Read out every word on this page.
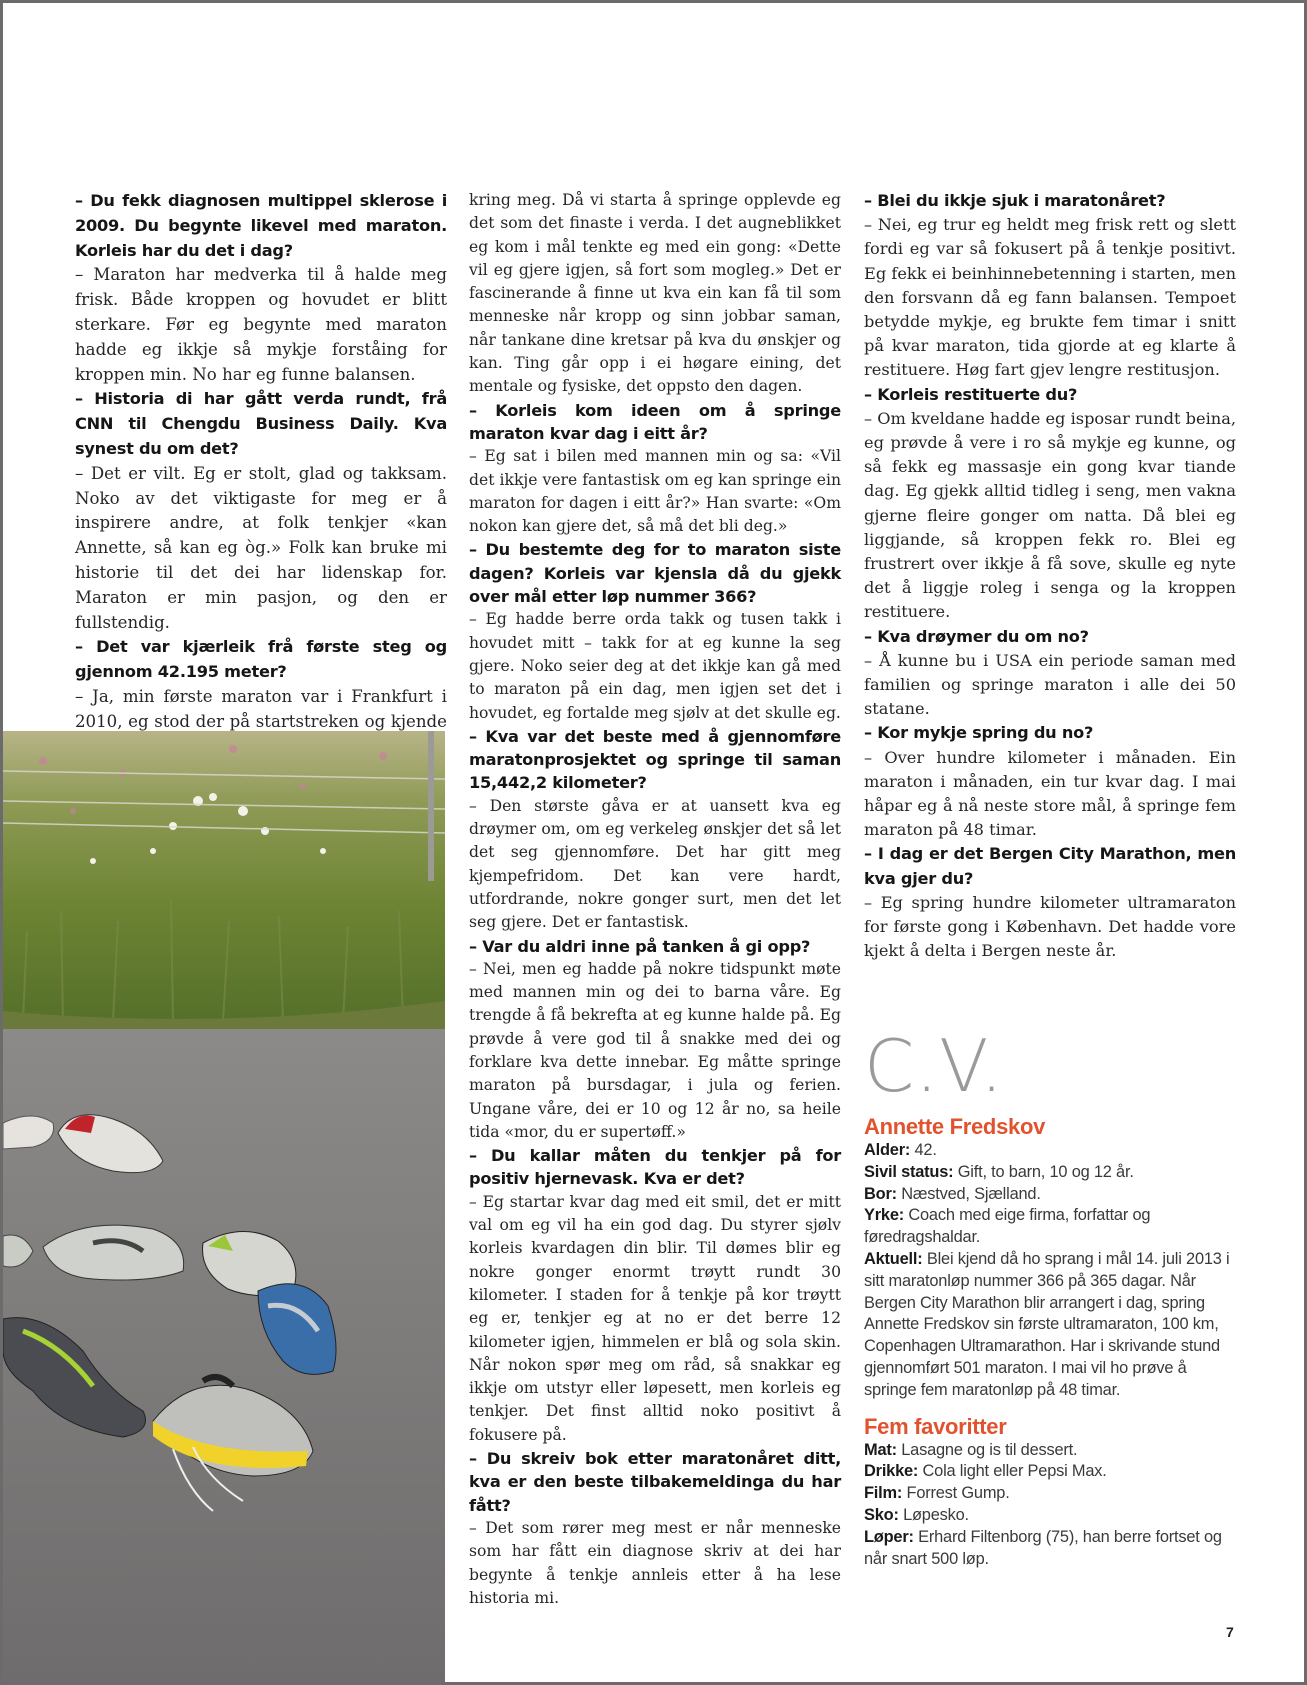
– Du fekk diagnosen multippel sklerose i 2009. Du begynte likevel med maraton. Korleis har du det i dag?

– Maraton har medverka til å halde meg frisk. Både kroppen og hovudet er blitt sterkare. Før eg begynte med maraton hadde eg ikkje så mykje forståing for kroppen min. No har eg funne balansen.

– Historia di har gått verda rundt, frå CNN til Chengdu Business Daily. Kva synest du om det?

– Det er vilt. Eg er stolt, glad og takksam. Noko av det viktigaste for meg er å inspirere andre, at folk tenkjer «kan Annette, så kan eg òg.» Folk kan bruke mi historie til det dei har lidenskap for. Maraton er min pasjon, og den er fullstendig.

– Det var kjærleik frå første steg og gjennom 42.195 meter?

– Ja, min første maraton var i Frankfurt i 2010, eg stod der på startstreken og kjende

kring meg. Då vi starta å springe opplevde eg det som det finaste i verda. I det augneblikket eg kom i mål tenkte eg med ein gong: «Dette vil eg gjere igjen, så fort som mogleg.» Det er fascinerande å finne ut kva ein kan få til som menneske når kropp og sinn jobbar saman, når tankane dine kretsar på kva du ønskjer og kan. Ting går opp i ei høgare eining, det mentale og fysiske, det oppsto den dagen.

– Korleis kom ideen om å springe maraton kvar dag i eitt år?

– Eg sat i bilen med mannen min og sa: «Vil det ikkje vere fantastisk om eg kan springe ein maraton for dagen i eitt år?» Han svarte: «Om nokon kan gjere det, så må det bli deg.»

– Du bestemte deg for to maraton siste dagen? Korleis var kjensla då du gjekk over mål etter løp nummer 366?

– Eg hadde berre orda takk og tusen takk i hovudet mitt – takk for at eg kunne la seg gjere. Noko seier deg at det ikkje kan gå med to maraton på ein dag, men igjen set det i hovudet, eg fortalde meg sjølv at det skulle eg.

– Kva var det beste med å gjennomføre maratonprosjektet og springe til saman 15,442,2 kilometer?

– Den største gåva er at uansett kva eg drøymer om, om eg verkeleg ønskjer det så let det seg gjennomføre. Det har gitt meg kjempefridom. Det kan vere hardt, utfordrande, nokre gonger surt, men det let seg gjere. Det er fantastisk.

– Var du aldri inne på tanken å gi opp?

– Nei, men eg hadde på nokre tidspunkt møte med mannen min og dei to barna våre. Eg trengde å få bekrefta at eg kunne halde på. Eg prøvde å vere god til å snakke med dei og forklare kva dette innebar. Eg måtte springe maraton på bursdagar, i jula og ferien. Ungane våre, dei er 10 og 12 år no, sa heile tida «mor, du er supertøff.»

– Du kallar måten du tenkjer på for positiv hjernevask. Kva er det?

– Eg startar kvar dag med eit smil, det er mitt val om eg vil ha ein god dag. Du styrer sjølv korleis kvardagen din blir. Til dømes blir eg nokre gonger enormt trøytt rundt 30 kilometer. I staden for å tenkje på kor trøytt eg er, tenkjer eg at no er det berre 12 kilometer igjen, himmelen er blå og sola skin. Når nokon spør meg om råd, så snakkar eg ikkje om utstyr eller løpesett, men korleis eg tenkjer. Det finst alltid noko positivt å fokusere på.

– Du skreiv bok etter maratonåret ditt, kva er den beste tilbakemeldinga du har fått?

– Det som rører meg mest er når menneske som har fått ein diagnose skriv at dei har begynte å tenkje annleis etter å ha lese historia mi.

– Blei du ikkje sjuk i maratonåret?

– Nei, eg trur eg heldt meg frisk rett og slett fordi eg var så fokusert på å tenkje positivt. Eg fekk ei beinhinnebetenning i starten, men den forsvann då eg fann balansen. Tempoet betydde mykje, eg brukte fem timar i snitt på kvar maraton, tida gjorde at eg klarte å restituere. Høg fart gjev lengre restitusjon.

– Korleis restituerte du?

– Om kveldane hadde eg isposar rundt beina, eg prøvde å vere i ro så mykje eg kunne, og så fekk eg massasje ein gong kvar tiande dag. Eg gjekk alltid tidleg i seng, men vakna gjerne fleire gonger om natta. Då blei eg liggjande, så kroppen fekk ro. Blei eg frustrert over ikkje å få sove, skulle eg nyte det å liggje roleg i senga og la kroppen restituere.

– Kva drøymer du om no?

– Å kunne bu i USA ein periode saman med familien og springe maraton i alle dei 50 statane.

– Kor mykje spring du no?

– Over hundre kilometer i månaden. Ein maraton i månaden, ein tur kvar dag. I mai håpar eg å nå neste store mål, å springe fem maraton på 48 timar.

– I dag er det Bergen City Marathon, men kva gjer du?

– Eg spring hundre kilometer ultramaraton for første gong i København. Det hadde vore kjekt å delta i Bergen neste år.

C.V.
Annette Fredskov
Alder: 42.
Sivil status: Gift, to barn, 10 og 12 år.
Bor: Næstved, Sjælland.
Yrke: Coach med eige firma, forfattar og føredragshaldar.
Aktuell: Blei kjend då ho sprang i mål 14. juli 2013 i sitt maratonløp nummer 366 på 365 dagar. Når Bergen City Marathon blir arrangert i dag, spring Annette Fredskov sin første ultramaraton, 100 km, Copenhagen Ultramarathon. Har i skrivande stund gjennomført 501 maraton. I mai vil ho prøve å springe fem maratonløp på 48 timar.
Fem favoritter
Mat: Lasagne og is til dessert.
Drikke: Cola light eller Pepsi Max.
Film: Forrest Gump.
Sko: Løpesko.
Løper: Erhard Filtenborg (75), han berre fortset og når snart 500 løp.
7
